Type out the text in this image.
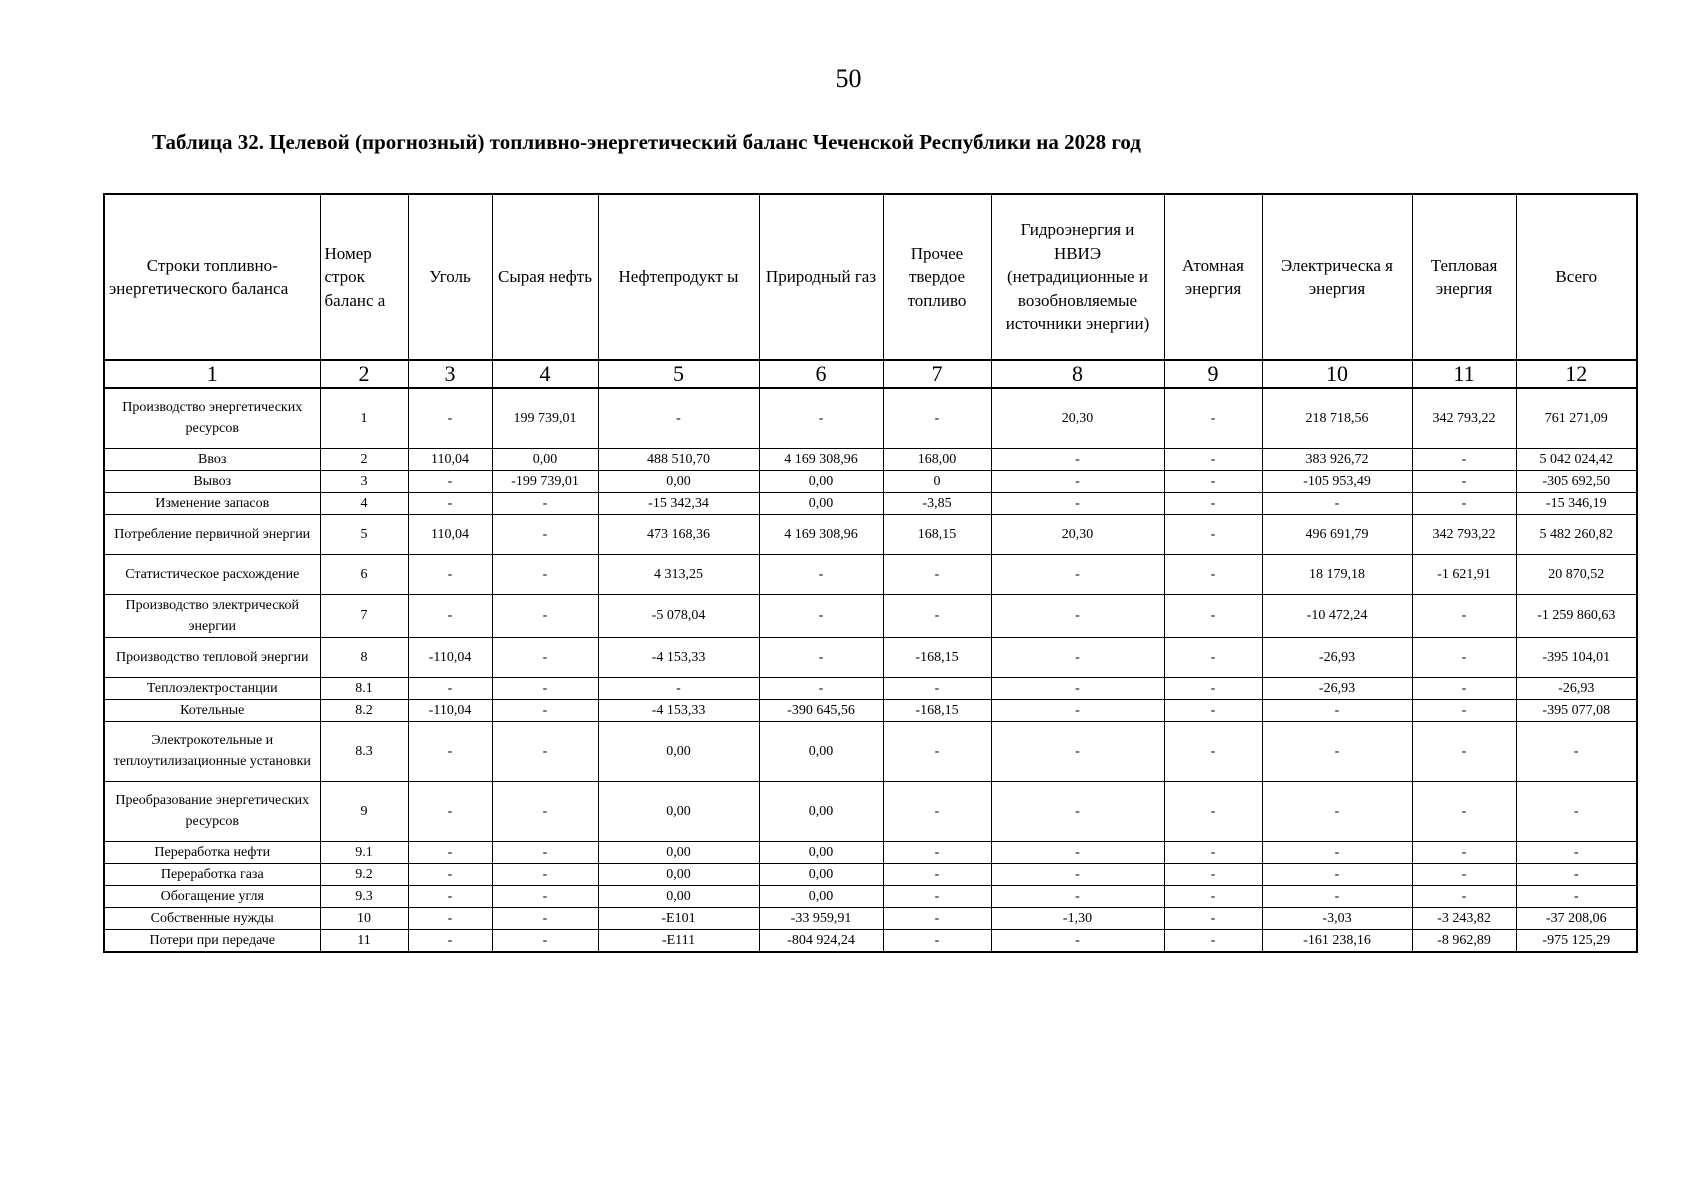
50
Таблица 32. Целевой (прогнозный) топливно-энергетический баланс Чеченской Республики на 2028 год
Строки топливно-энергетического баланса	Номер строк баланс а	Уголь	Сырая нефть	Нефтепродукт ы	Природный газ	Прочее твердое топливо	Гидроэнергия и НВИЭ (нетрадиционные и возобновляемые источники энергии)	Атомная энергия	Электрическа я энергия	Тепловая энергия	Всего
1	2	3	4	5	6	7	8	9	10	11	12
Производство энергетических ресурсов	1	-	199 739,01	-	-	-	20,30	-	218 718,56	342 793,22	761 271,09
Ввоз	2	110,04	0,00	488 510,70	4 169 308,96	168,00	-	-	383 926,72	-	5 042 024,42
Вывоз	3	-	-199 739,01	0,00	0,00	0	-	-	-105 953,49	-	-305 692,50
Изменение запасов	4	-	-	-15 342,34	0,00	-3,85	-	-	-	-	-15 346,19
Потребление первичной энергии	5	110,04	-	473 168,36	4 169 308,96	168,15	20,30	-	496 691,79	342 793,22	5 482 260,82
Статистическое расхождение	6	-	-	4 313,25	-	-	-	-	18 179,18	-1 621,91	20 870,52
Производство электрической энергии	7	-	-	-5 078,04	-	-	-	-	-10 472,24	-	-1 259 860,63
Производство тепловой энергии	8	-110,04	-	-4 153,33	-	-168,15	-	-	-26,93	-	-395 104,01
Теплоэлектростанции	8.1	-	-	-	-	-	-	-	-26,93	-	-26,93
Котельные	8.2	-110,04	-	-4 153,33	-390 645,56	-168,15	-	-	-	-	-395 077,08
Электрокотельные и теплоутилизационные установки	8.3	-	-	0,00	0,00	-	-	-	-	-	-
Преобразование энергетических ресурсов	9	-	-	0,00	0,00	-	-	-	-	-	-
Переработка нефти	9.1	-	-	0,00	0,00	-	-	-	-	-	-
Переработка газа	9.2	-	-	0,00	0,00	-	-	-	-	-	-
Обогащение угля	9.3	-	-	0,00	0,00	-	-	-	-	-	-
Собственные нужды	10	-	-	-E101	-33 959,91	-	-1,30	-	-3,03	-3 243,82	-37 208,06
Потери при передаче	11	-	-	-E111	-804 924,24	-	-	-	-161 238,16	-8 962,89	-975 125,29
